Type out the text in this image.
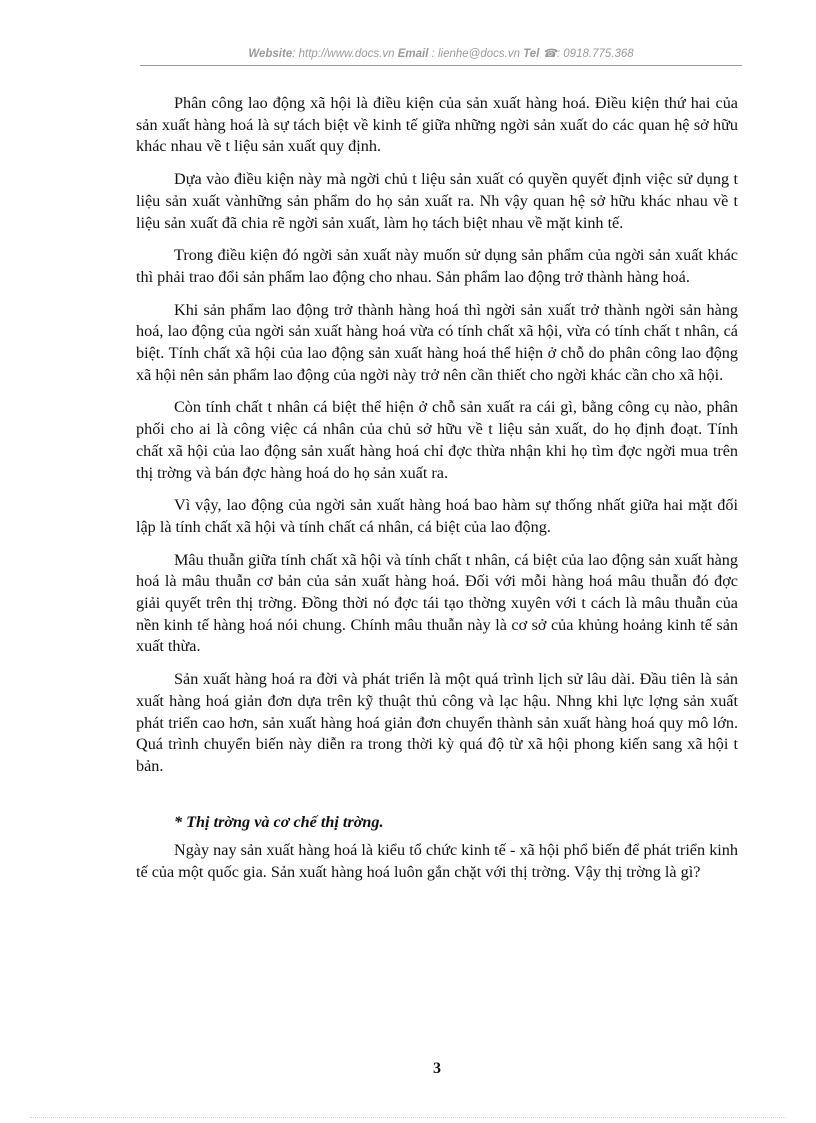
Website: http://www.docs.vn Email : lienhe@docs.vn Tel ☎: 0918.775.368

Phân công lao động xã hội là điều kiện của sản xuất hàng hoá. Điều kiện thứ hai của sản xuất hàng hoá là sự tách biệt về kinh tế giữa những ngời sản xuất do các quan hệ sở hữu khác nhau về t liệu sản xuất quy định.

Dựa vào điều kiện này mà ngời chủ t liệu sản xuất có quyền quyết định việc sử dụng t liệu sản xuất vànhững sản phẩm do họ sản xuất ra. Nh vậy quan hệ sở hữu khác nhau về t liệu sản xuất đã chia rẽ ngời sản xuất, làm họ tách biệt nhau về mặt kinh tế.

Trong điều kiện đó ngời sản xuất này muốn sử dụng sản phẩm của ngời sản xuất khác thì phải trao đổi sản phẩm lao động cho nhau. Sản phẩm lao động trở thành hàng hoá.

Khi sản phẩm lao động trở thành hàng hoá thì ngời sản xuất trở thành ngời sản hàng hoá, lao động của ngời sản xuất hàng hoá vừa có tính chất xã hội, vừa có tính chất t nhân, cá biệt. Tính chất xã hội của lao động sản xuất hàng hoá thể hiện ở chỗ do phân công lao động xã hội nên sản phẩm lao động của ngời này trở nên cần thiết cho ngời khác cần cho xã hội.

Còn tính chất t nhân cá biệt thể hiện ở chỗ sản xuất ra cái gì, bằng công cụ nào, phân phối cho ai là công việc cá nhân của chủ sở hữu về t liệu sản xuất, do họ định đoạt. Tính chất xã hội của lao động sản xuất hàng hoá chỉ đợc thừa nhận khi họ tìm đợc ngời mua trên thị trờng và bán đợc hàng hoá do họ sản xuất ra.

Vì vậy, lao động của ngời sản xuất hàng hoá bao hàm sự thống nhất giữa hai mặt đối lập là tính chất xã hội và tính chất cá nhân, cá biệt của lao động.

Mâu thuẫn giữa tính chất xã hội và tính chất t nhân, cá biệt của lao động sản xuất hàng hoá là mâu thuẫn cơ bản của sản xuất hàng hoá. Đối với mỗi hàng hoá mâu thuẫn đó đợc giải quyết trên thị trờng. Đồng thời nó đợc tái tạo thờng xuyên với t cách là mâu thuẫn của nền kinh tế hàng hoá nói chung. Chính mâu thuẫn này là cơ sở của khủng hoảng kinh tế sản xuất thừa.

Sản xuất hàng hoá ra đời và phát triển là một quá trình lịch sử lâu dài. Đầu tiên là sản xuất hàng hoá giản đơn dựa trên kỹ thuật thủ công và lạc hậu. Nhng khi lực lợng sản xuất phát triển cao hơn, sản xuất hàng hoá giản đơn chuyển thành sản xuất hàng hoá quy mô lớn. Quá trình chuyển biến này diễn ra trong thời kỳ quá độ từ xã hội phong kiến sang xã hội t bản.

* Thị trờng và cơ chế thị trờng.

Ngày nay sản xuất hàng hoá là kiểu tổ chức kinh tế - xã hội phổ biến để phát triển kinh tế của một quốc gia. Sản xuất hàng hoá luôn gắn chặt với thị trờng. Vậy thị trờng là gì?

3
